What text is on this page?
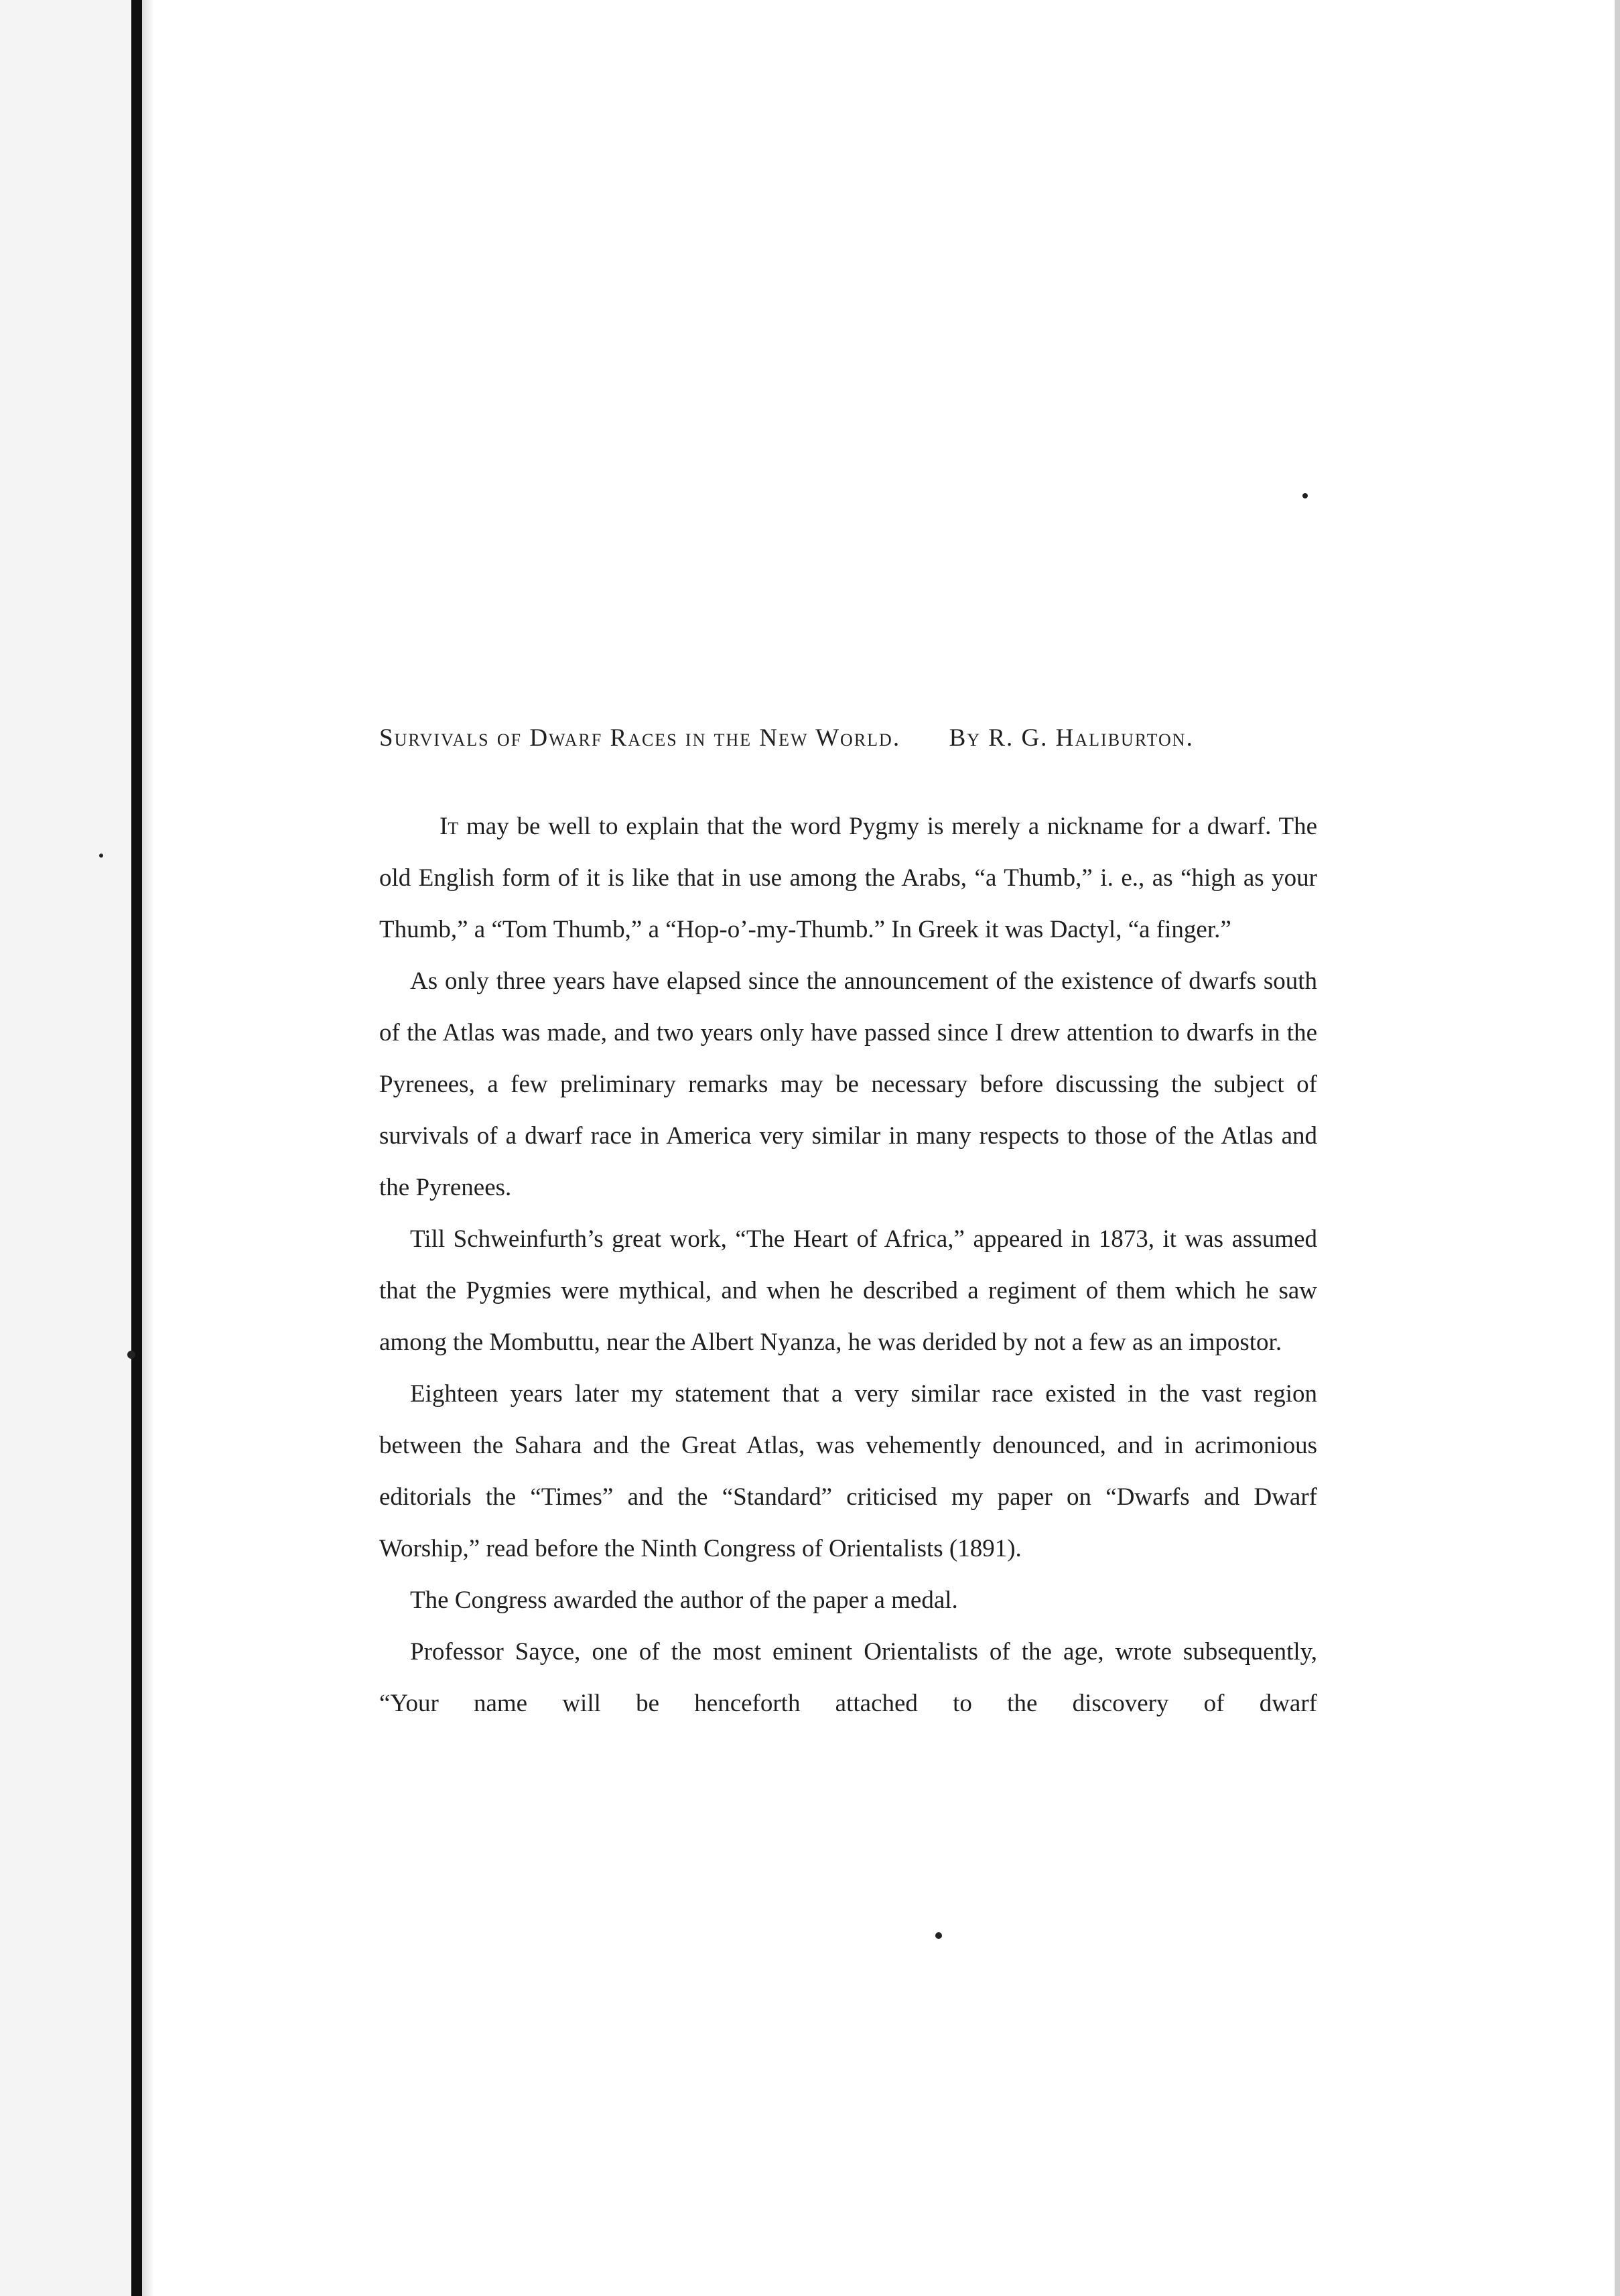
Survivals of Dwarf Races in the New World. By R. G. Haliburton.

It may be well to explain that the word Pygmy is merely a nickname for a dwarf. The old English form of it is like that in use among the Arabs, “a Thumb,” i. e., as “high as your Thumb,” a “Tom Thumb,” a “Hop-o’-my-Thumb.” In Greek it was Dactyl, “a finger.”

As only three years have elapsed since the announcement of the existence of dwarfs south of the Atlas was made, and two years only have passed since I drew attention to dwarfs in the Pyrenees, a few preliminary remarks may be necessary before discussing the subject of survivals of a dwarf race in America very similar in many respects to those of the Atlas and the Pyrenees.

Till Schweinfurth’s great work, “The Heart of Africa,” appeared in 1873, it was assumed that the Pygmies were mythical, and when he described a regiment of them which he saw among the Mombuttu, near the Albert Nyanza, he was derided by not a few as an impostor.

Eighteen years later my statement that a very similar race existed in the vast region between the Sahara and the Great Atlas, was vehemently denounced, and in acrimonious editorials the “Times” and the “Standard” criticised my paper on “Dwarfs and Dwarf Worship,” read before the Ninth Congress of Orientalists (1891).

The Congress awarded the author of the paper a medal.

Professor Sayce, one of the most eminent Orientalists of the age, wrote subsequently, “Your name will be henceforth attached to the discovery of dwarf
